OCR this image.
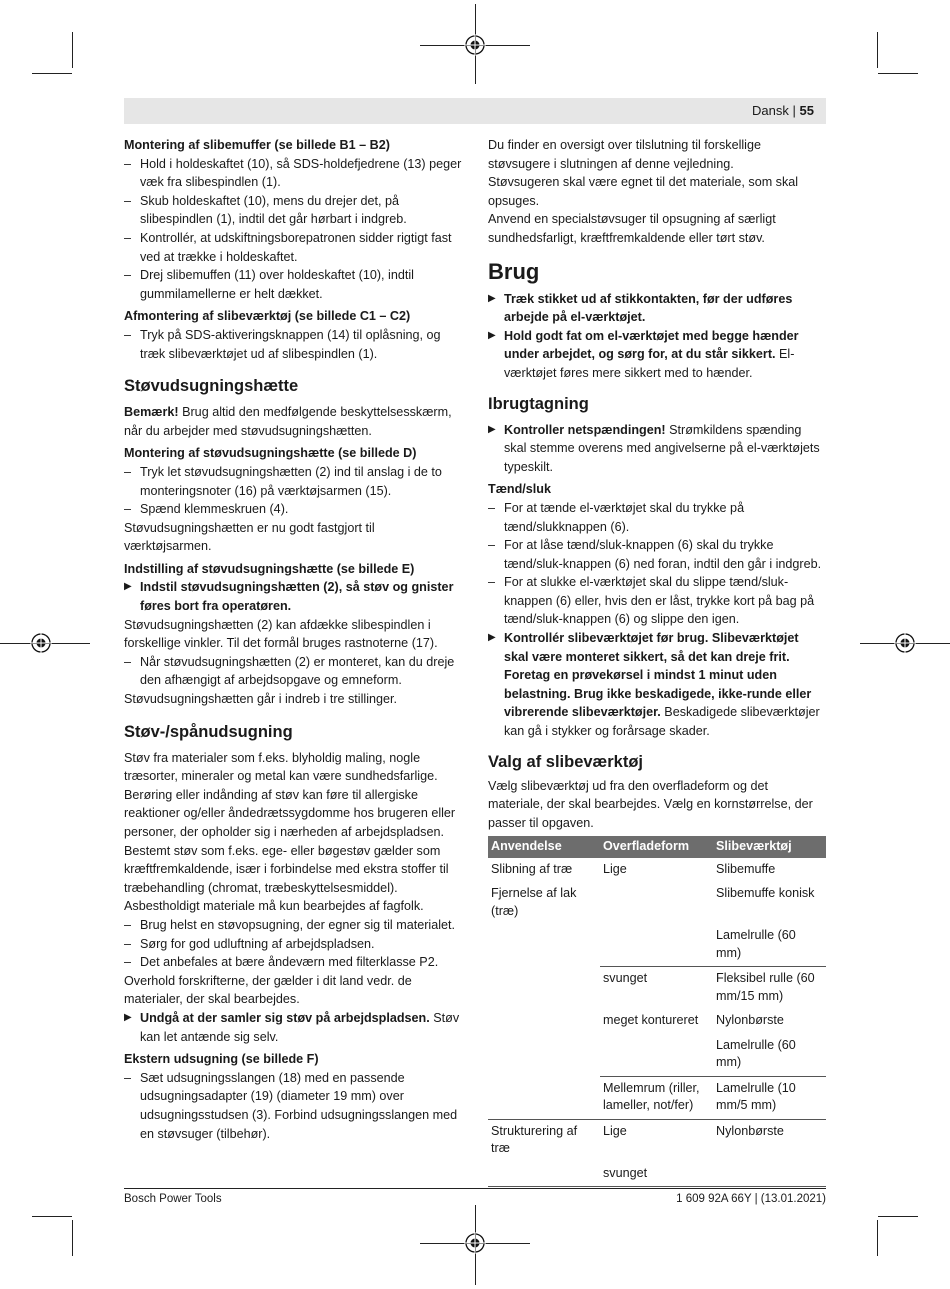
Dansk | 55

Montering af slibemuffer (se billede B1 – B2)

– Hold i holdeskaftet (10), så SDS-holdefjedrene (13) peger væk fra slibespindlen (1).

– Skub holdeskaftet (10), mens du drejer det, på slibespindlen (1), indtil det går hørbart i indgreb.

– Kontrollér, at udskiftningsborepatronen sidder rigtigt fast ved at trække i holdeskaftet.

– Drej slibemuffen (11) over holdeskaftet (10), indtil gummilamellerne er helt dækket.

Afmontering af slibeværktøj (se billede C1 – C2)

– Tryk på SDS-aktiveringsknappen (14) til oplåsning, og træk slibeværktøjet ud af slibespindlen (1).

Støvudsugningshætte

Bemærk! Brug altid den medfølgende beskyttelsesskærm, når du arbejder med støvudsugningshætten.

Montering af støvudsugningshætte (se billede D)

– Tryk let støvudsugningshætten (2) ind til anslag i de to monteringsnoter (16) på værktøjsarmen (15).

– Spænd klemmeskruen (4).

Støvudsugningshætten er nu godt fastgjort til værktøjsarmen.

Indstilling af støvudsugningshætte (se billede E)

▶ Indstil støvudsugningshætten (2), så støv og gnister føres bort fra operatøren.

Støvudsugningshætten (2) kan afdække slibespindlen i forskellige vinkler. Til det formål bruges rastnoterne (17).

– Når støvudsugningshætten (2) er monteret, kan du dreje den afhængigt af arbejdsopgave og emneform.

Støvudsugningshætten går i indreb i tre stillinger.

Støv-/spånudsugning

Støv fra materialer som f.eks. blyholdig maling, nogle træsorter, mineraler og metal kan være sundhedsfarlige. Berøring eller indånding af støv kan føre til allergiske reaktioner og/eller åndedrætssygdomme hos brugeren eller personer, der opholder sig i nærheden af arbejdspladsen.

Bestemt støv som f.eks. ege- eller bøgestøv gælder som kræftfremkaldende, især i forbindelse med ekstra stoffer til træbehandling (chromat, træbeskyttelsesmiddel). Asbestholdigt materiale må kun bearbejdes af fagfolk.

– Brug helst en støvopsugning, der egner sig til materialet.

– Sørg for god udluftning af arbejdspladsen.

– Det anbefales at bære åndeværn med filterklasse P2.

Overhold forskrifterne, der gælder i dit land vedr. de materialer, der skal bearbejdes.

▶ Undgå at der samler sig støv på arbejdspladsen. Støv kan let antænde sig selv.

Ekstern udsugning (se billede F)

– Sæt udsugningsslangen (18) med en passende udsugningsadapter (19) (diameter 19 mm) over udsugningsstudsen (3). Forbind udsugningsslangen med en støvsuger (tilbehør).

Du finder en oversigt over tilslutning til forskellige støvsugere i slutningen af denne vejledning.

Støvsugeren skal være egnet til det materiale, som skal opsuges.

Anvend en specialstøvsuger til opsugning af særligt sundhedsfarligt, kræftfremkaldende eller tørt støv.

Brug

▶ Træk stikket ud af stikkontakten, før der udføres arbejde på el-værktøjet.

▶ Hold godt fat om el-værktøjet med begge hænder under arbejdet, og sørg for, at du står sikkert. El-værktøjet føres mere sikkert med to hænder.

Ibrugtagning

▶ Kontroller netspændingen! Strømkildens spænding skal stemme overens med angivelserne på el-værktøjets typeskilt.

Tænd/sluk

– For at tænde el-værktøjet skal du trykke på tænd/slukknappen (6).

– For at låse tænd/sluk-knappen (6) skal du trykke tænd/sluk-knappen (6) ned foran, indtil den går i indgreb.

– For at slukke el-værktøjet skal du slippe tænd/sluk-knappen (6) eller, hvis den er låst, trykke kort på bag på tænd/sluk-knappen (6) og slippe den igen.

▶ Kontrollér slibeværktøjet før brug. Slibeværktøjet skal være monteret sikkert, så det kan dreje frit. Foretag en prøvekørsel i mindst 1 minut uden belastning. Brug ikke beskadigede, ikke-runde eller vibrerende slibeværktøjer. Beskadigede slibeværktøjer kan gå i stykker og forårsage skader.

Valg af slibeværktøj

Vælg slibeværktøj ud fra den overfladeform og det materiale, der skal bearbejdes. Vælg en kornstørrelse, der passer til opgaven.

Anvendelse	Overfladeform	Slibeværktøj
Slibning af træ	Lige	Slibemuffe
Fjernelse af lak (træ)		Slibemuffe konisk
		Lamelrulle (60 mm)
	svunget	Fleksibel rulle (60 mm/15 mm)
	meget kontureret	Nylonbørste
		Lamelrulle (60 mm)
	Mellemrum (riller, lameller, not/fer)	Lamelrulle (10 mm/5 mm)
Strukturering af træ	Lige	Nylonbørste
	svunget	
Bosch Power Tools	1 609 92A 66Y | (13.01.2021)
